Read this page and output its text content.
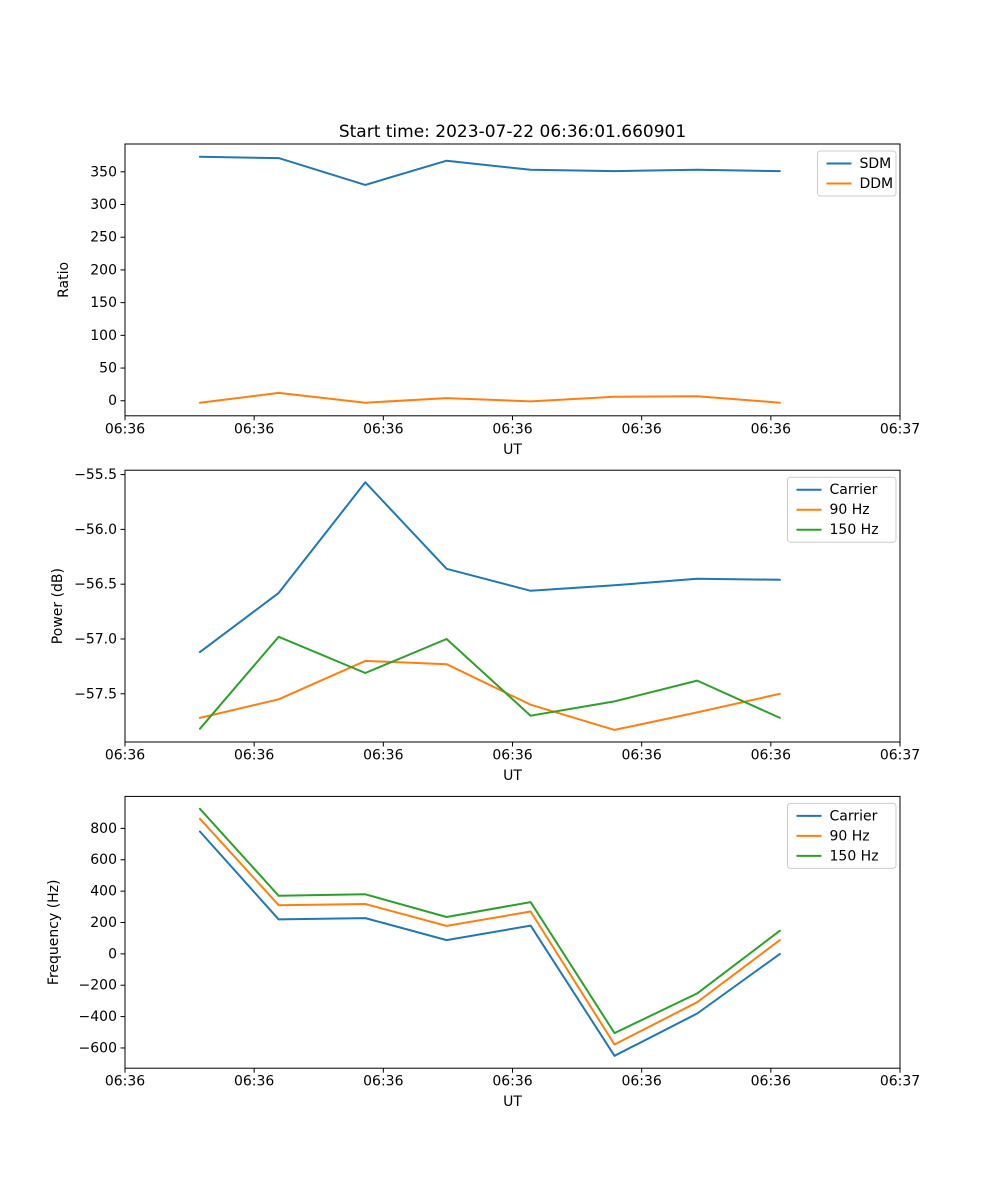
Start time: 2023-07-22 06:36:01.660901
06:36	06:36	06:36	06:36	06:36	06:36	06:37
0
50
100
150
200
250
300
350
UT
Ratio
SDM
DDM
06:36	06:36	06:36	06:36	06:36	06:36	06:37
−57.5
−57.0
−56.5
−56.0
−55.5
UT
Power (dB)
Carrier
90 Hz
150 Hz
06:36	06:36	06:36	06:36	06:36	06:36	06:37
−600
−400
−200
0
200
400
600
800
UT
Frequency (Hz)
Carrier
90 Hz
150 Hz
